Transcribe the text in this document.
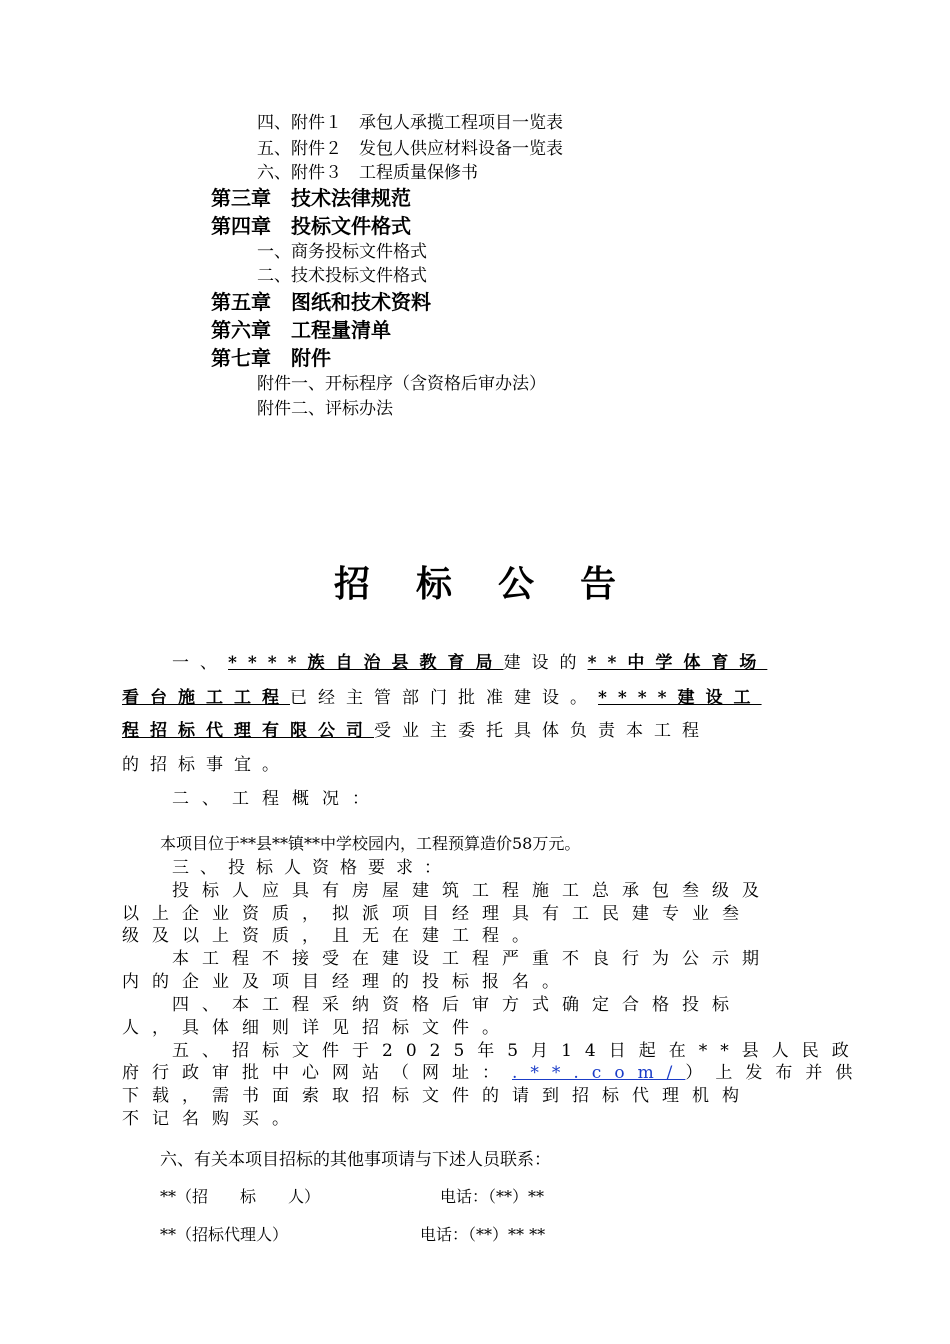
四、附件１　承包人承揽工程项目一览表
五、附件２　发包人供应材料设备一览表
六、附件３　工程质量保修书
第三章　技术法律规范
第四章　投标文件格式
一、商务投标文件格式
二、技术投标文件格式
第五章　图纸和技术资料
第六章　工程量清单
第七章　附件
附件一、开标程序（含资格后审办法）
附件二、评标办法
招标公告
一、****族自治县教育局建设的**中学体育场
看台施工工程已经主管部门批准建设。****建设工
程招标代理有限公司受业主委托具体负责本工程
的招标事宜。
二、工程概况：
本项目位于**县**镇**中学校园内，工程预算造价58万元。
三、投标人资格要求：
投标人应具有房屋建筑工程施工总承包叁级及
以上企业资质，拟派项目经理具有工民建专业叁
级及以上资质，且无在建工程。
本工程不接受在建设工程严重不良行为公示期
内的企业及项目经理的投标报名。
四、本工程采纳资格后审方式确定合格投标
人，具体细则详见招标文件。
五、招标文件于2025年5月14日起在**县人民政
府行政审批中心网站（网址：.**.com/）上发布并供
下载，需书面索取招标文件的请到招标代理机构
不记名购买。
六、有关本项目招标的其他事项请与下述人员联系：
**（招　　标　　人）	电话：（**）**
**（招标代理人）	电话：（**）** **
